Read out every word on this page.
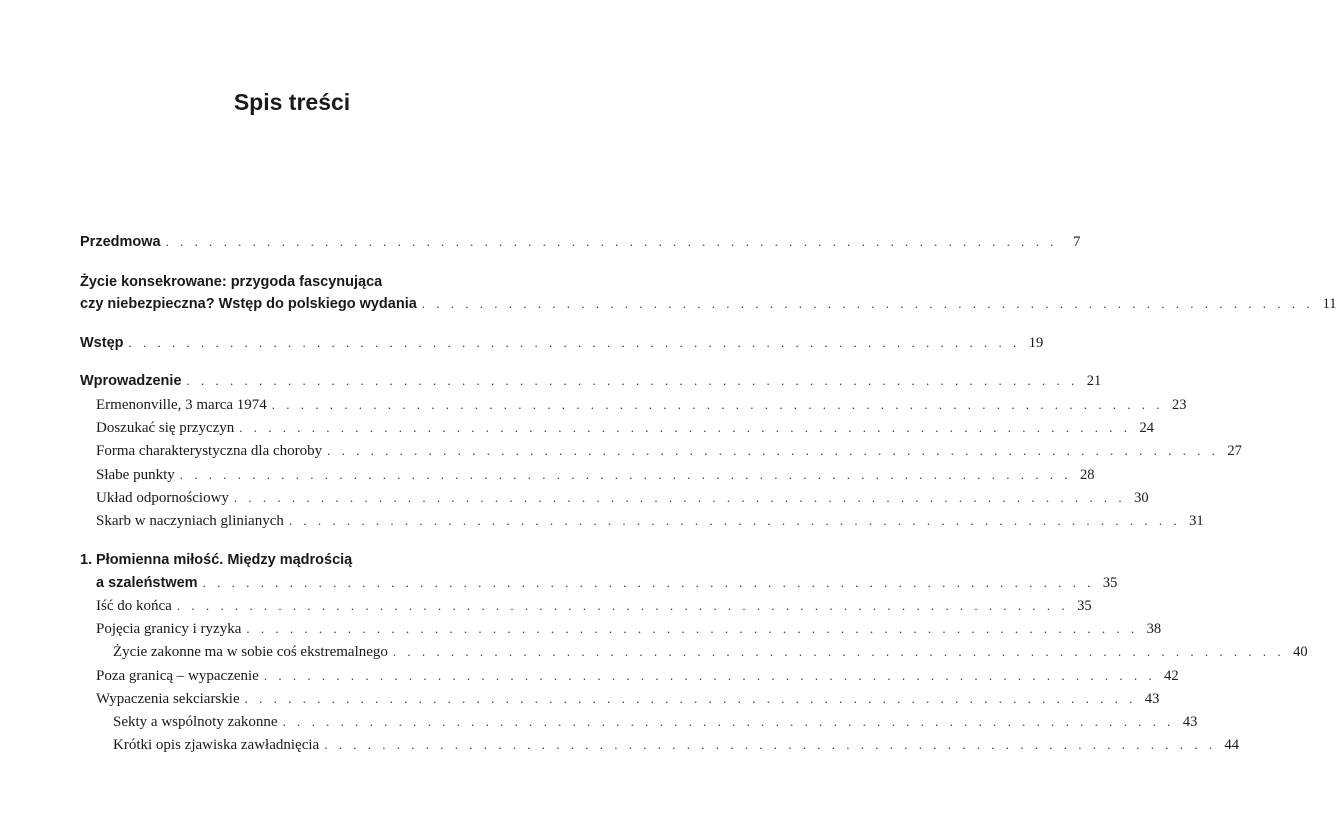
Spis treści
Przedmowa . . . . . . . . . . . . . . . . . . . . . . . . . . . . . . . . . . . . . . . . . . . . . . . . . . . . . . . . . . . . . .	7
Życie konsekrowane: przygoda fascynująca
czy niebezpieczna? Wstęp do polskiego wydania . . . . . . . . . . . . . . . . . . . . . . . . . . . . . . . . . . . . . . . . . . . . . . . . . . . . . . . . . . . . . . 11
Wstęp . . . . . . . . . . . . . . . . . . . . . . . . . . . . . . . . . . . . . . . . . . . . . . . . . . . . . . . . . . . . . . 19
Wprowadzenie . . . . . . . . . . . . . . . . . . . . . . . . . . . . . . . . . . . . . . . . . . . . . . . . . . . . . . . . . . . . . . 21
Ermenonville, 3 marca 1974 . . . . . . . . . . . . . . . . . . . . . . . . . . . . . . . . . . . . . . . . . . . . . . . . . . . . . . . . . . . . . . 23
Doszukać się przyczyn . . . . . . . . . . . . . . . . . . . . . . . . . . . . . . . . . . . . . . . . . . . . . . . . . . . . . . . . . . . . . . 24
Forma charakterystyczna dla choroby . . . . . . . . . . . . . . . . . . . . . . . . . . . . . . . . . . . . . . . . . . . . . . . . . . . . . . . . . . . . . . 27
Słabe punkty . . . . . . . . . . . . . . . . . . . . . . . . . . . . . . . . . . . . . . . . . . . . . . . . . . . . . . . . . . . . . . 28
Układ odpornościowy . . . . . . . . . . . . . . . . . . . . . . . . . . . . . . . . . . . . . . . . . . . . . . . . . . . . . . . . . . . . . . 30
Skarb w naczyniach glinianych . . . . . . . . . . . . . . . . . . . . . . . . . . . . . . . . . . . . . . . . . . . . . . . . . . . . . . . . . . . . . . 31
1. Płomienna miłość. Między mądrością
a szaleństwem . . . . . . . . . . . . . . . . . . . . . . . . . . . . . . . . . . . . . . . . . . . . . . . . . . . . . . . . . . . . . . 35
Iść do końca . . . . . . . . . . . . . . . . . . . . . . . . . . . . . . . . . . . . . . . . . . . . . . . . . . . . . . . . . . . . . . 35
Pojęcia granicy i ryzyka . . . . . . . . . . . . . . . . . . . . . . . . . . . . . . . . . . . . . . . . . . . . . . . . . . . . . . . . . . . . . . 38
Życie zakonne ma w sobie coś ekstremalnego . . . . . . . . . . . . . . . . . . . . . . . . . . . . . . . . . . . . . . . . . . . . . . . . . . . . . . . . . . . . . . 40
Poza granicą – wypaczenie . . . . . . . . . . . . . . . . . . . . . . . . . . . . . . . . . . . . . . . . . . . . . . . . . . . . . . . . . . . . . . 42
Wypaczenia sekciarskie . . . . . . . . . . . . . . . . . . . . . . . . . . . . . . . . . . . . . . . . . . . . . . . . . . . . . . . . . . . . . . 43
Sekty a wspólnoty zakonne . . . . . . . . . . . . . . . . . . . . . . . . . . . . . . . . . . . . . . . . . . . . . . . . . . . . . . . . . . . . . . 43
Krótki opis zjawiska zawładnięcia . . . . . . . . . . . . . . . . . . . . . . . . . . . . . . . . . . . . . . . . . . . . . . . . . . . . . . . . . . . . . . 44
